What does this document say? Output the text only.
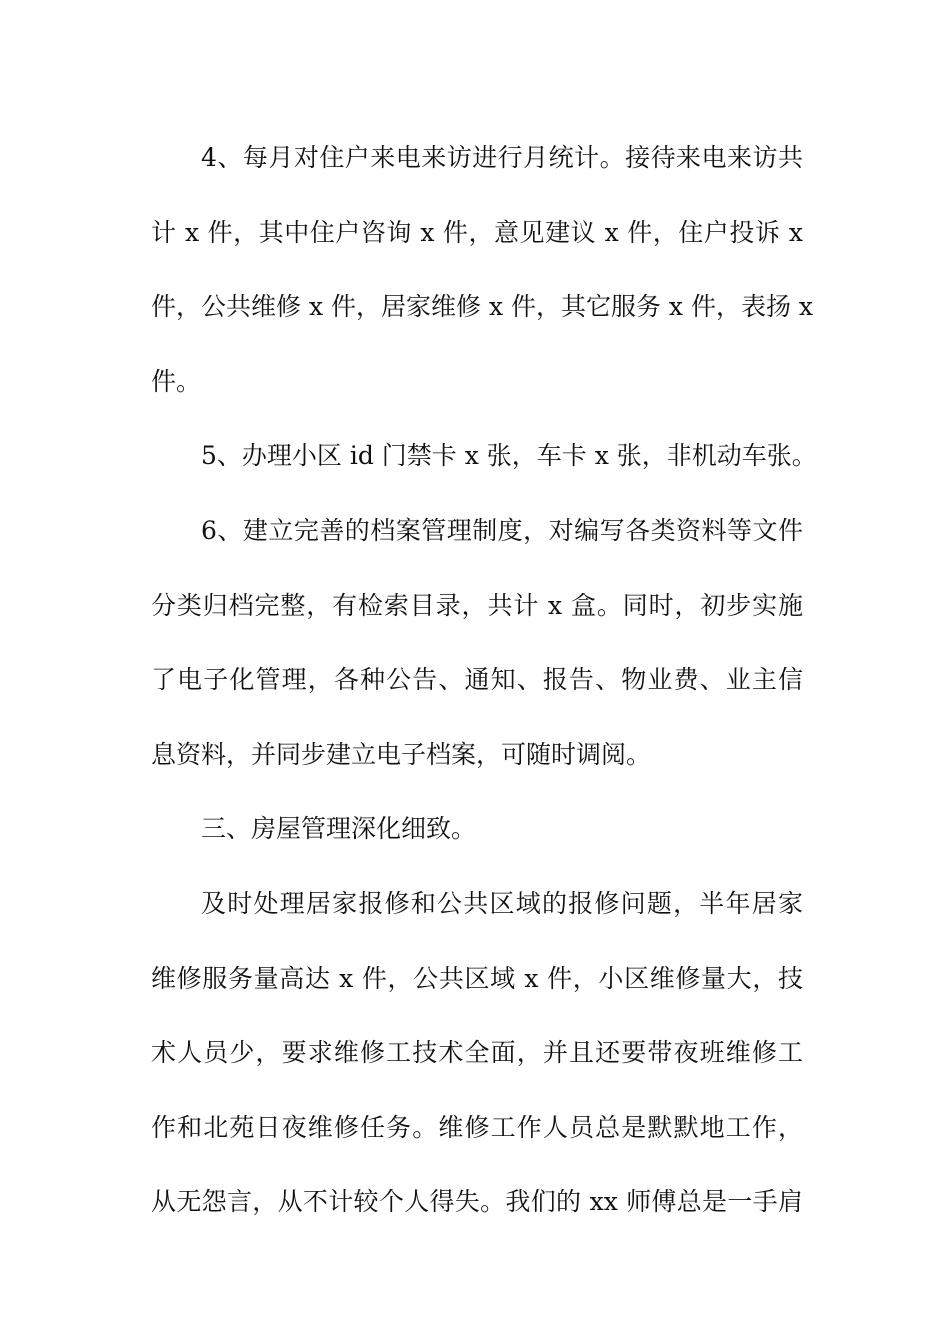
4、每月对住户来电来访进行月统计。接待来电来访共
计 x 件，其中住户咨询 x 件，意见建议 x 件，住户投诉 x
件，公共维修 x 件，居家维修 x 件，其它服务 x 件，表扬 x
件。
5、办理小区 id 门禁卡 x 张，车卡 x 张，非机动车张。
6、建立完善的档案管理制度，对编写各类资料等文件
分类归档完整，有检索目录，共计 x 盒。同时，初步实施
了电子化管理，各种公告、通知、报告、物业费、业主信
息资料，并同步建立电子档案，可随时调阅。
三、房屋管理深化细致。
及时处理居家报修和公共区域的报修问题，半年居家
维修服务量高达 x 件，公共区域 x 件，小区维修量大，技
术人员少，要求维修工技术全面，并且还要带夜班维修工
作和北苑日夜维修任务。维修工作人员总是默默地工作，
从无怨言，从不计较个人得失。我们的 xx 师傅总是一手肩
